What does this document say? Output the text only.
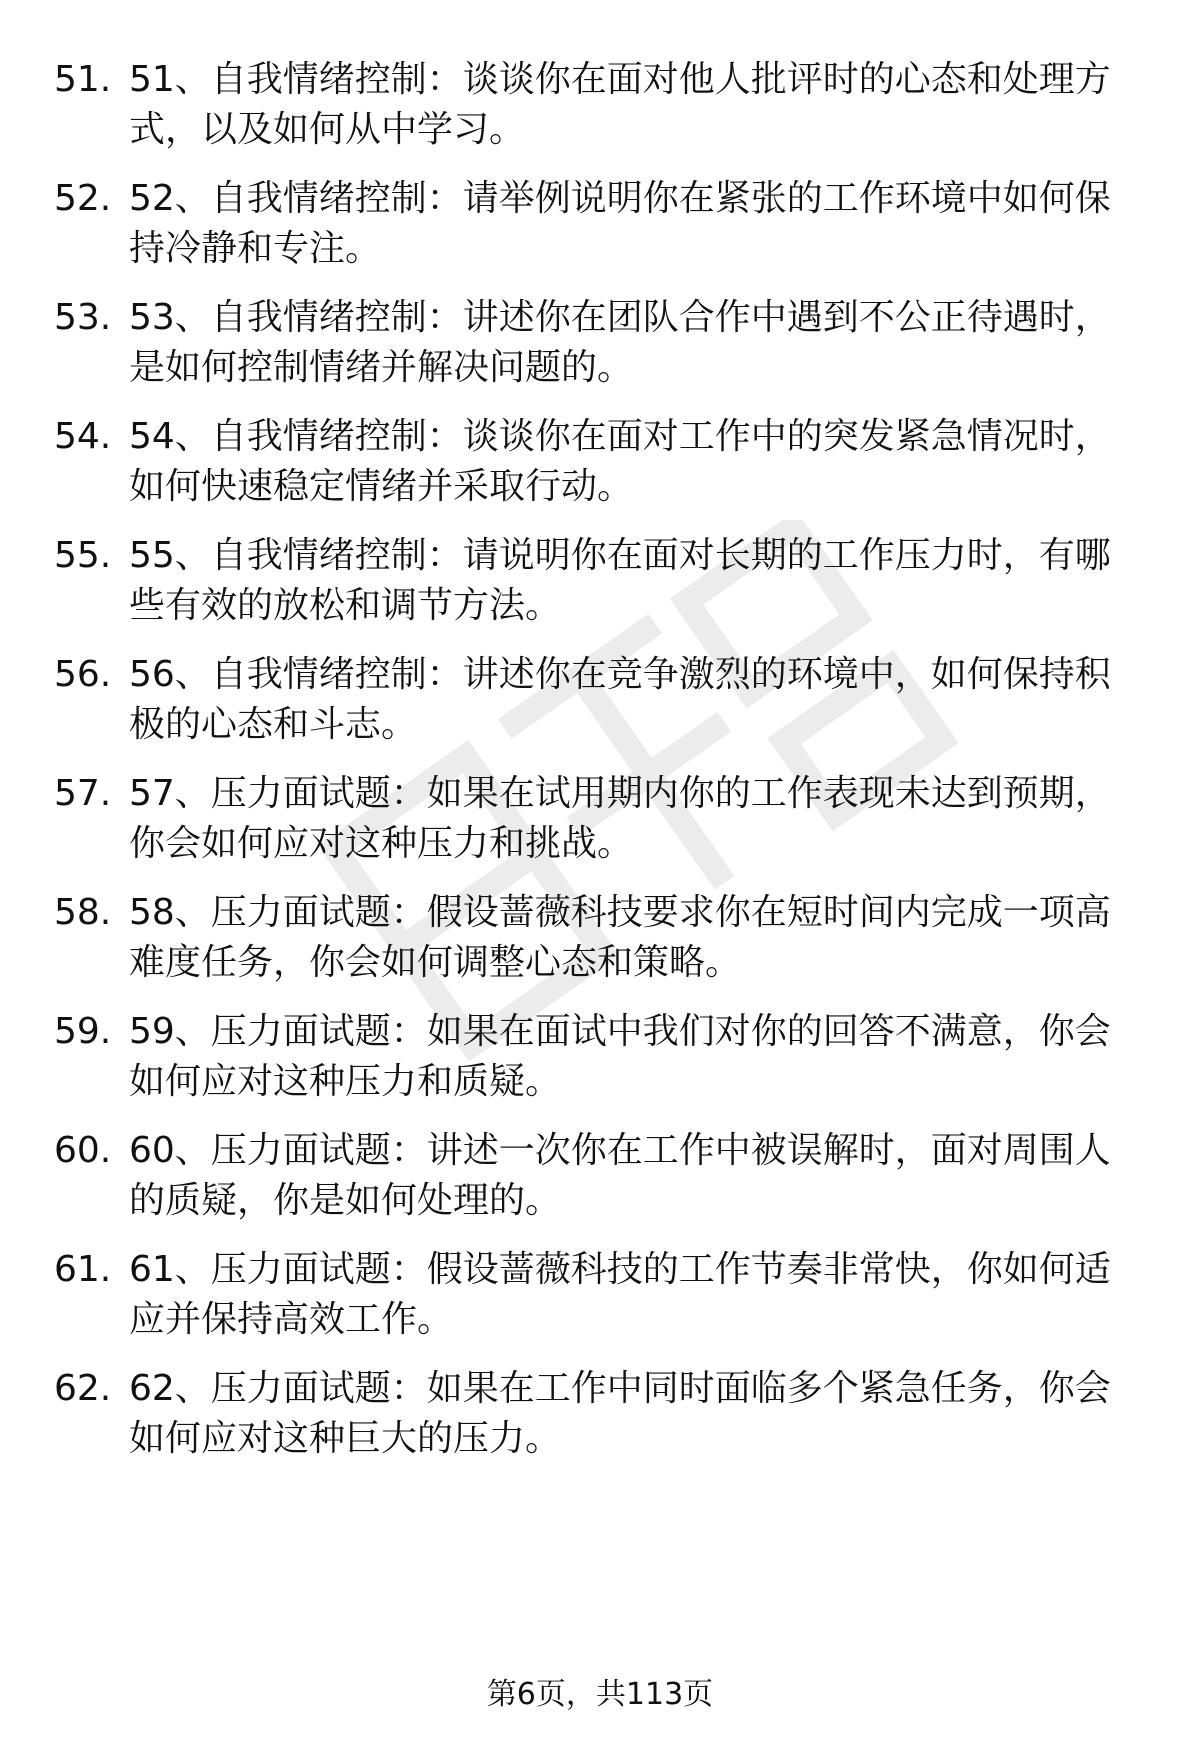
51. 51、自我情绪控制：谈谈你在面对他人批评时的心态和处理方式，以及如何从中学习。
52. 52、自我情绪控制：请举例说明你在紧张的工作环境中如何保持冷静和专注。
53. 53、自我情绪控制：讲述你在团队合作中遇到不公正待遇时，是如何控制情绪并解决问题的。
54. 54、自我情绪控制：谈谈你在面对工作中的突发紧急情况时，如何快速稳定情绪并采取行动。
55. 55、自我情绪控制：请说明你在面对长期的工作压力时，有哪些有效的放松和调节方法。
56. 56、自我情绪控制：讲述你在竞争激烈的环境中，如何保持积极的心态和斗志。
57. 57、压力面试题：如果在试用期内你的工作表现未达到预期，你会如何应对这种压力和挑战。
58. 58、压力面试题：假设蔷薇科技要求你在短时间内完成一项高难度任务，你会如何调整心态和策略。
59. 59、压力面试题：如果在面试中我们对你的回答不满意，你会如何应对这种压力和质疑。
60. 60、压力面试题：讲述一次你在工作中被误解时，面对周围人的质疑，你是如何处理的。
61. 61、压力面试题：假设蔷薇科技的工作节奏非常快，你如何适应并保持高效工作。
62. 62、压力面试题：如果在工作中同时面临多个紧急任务，你会如何应对这种巨大的压力。
第6页，共113页
